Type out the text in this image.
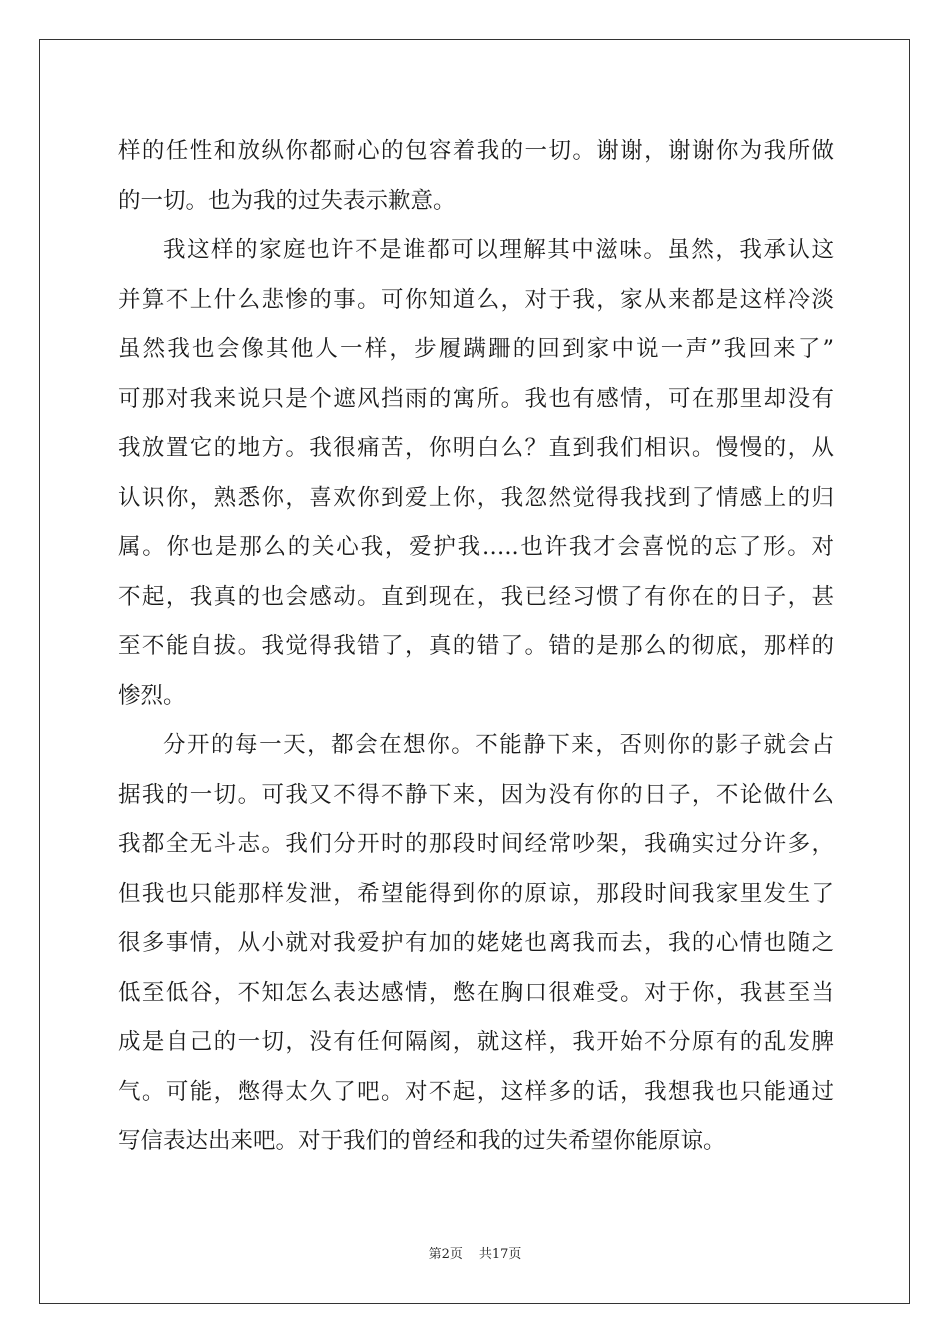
样的任性和放纵你都耐心的包容着我的一切。谢谢，谢谢你为我所做
的一切。也为我的过失表示歉意。
我这样的家庭也许不是谁都可以理解其中滋味。虽然，我承认这
并算不上什么悲惨的事。可你知道么，对于我，家从来都是这样冷淡
虽然我也会像其他人一样，步履蹒跚的回到家中说一声”我回来了”
可那对我来说只是个遮风挡雨的寓所。我也有感情，可在那里却没有
我放置它的地方。我很痛苦，你明白么？直到我们相识。慢慢的，从
认识你，熟悉你，喜欢你到爱上你，我忽然觉得我找到了情感上的归
属。你也是那么的关心我，爱护我…..也许我才会喜悦的忘了形。对
不起，我真的也会感动。直到现在，我已经习惯了有你在的日子，甚
至不能自拔。我觉得我错了，真的错了。错的是那么的彻底，那样的
惨烈。
分开的每一天，都会在想你。不能静下来，否则你的影子就会占
据我的一切。可我又不得不静下来，因为没有你的日子，不论做什么
我都全无斗志。我们分开时的那段时间经常吵架，我确实过分许多，
但我也只能那样发泄，希望能得到你的原谅，那段时间我家里发生了
很多事情，从小就对我爱护有加的姥姥也离我而去，我的心情也随之
低至低谷，不知怎么表达感情，憋在胸口很难受。对于你，我甚至当
成是自己的一切，没有任何隔阂，就这样，我开始不分原有的乱发脾
气。可能，憋得太久了吧。对不起，这样多的话，我想我也只能通过
写信表达出来吧。对于我们的曾经和我的过失希望你能原谅。
第2页 共17页
